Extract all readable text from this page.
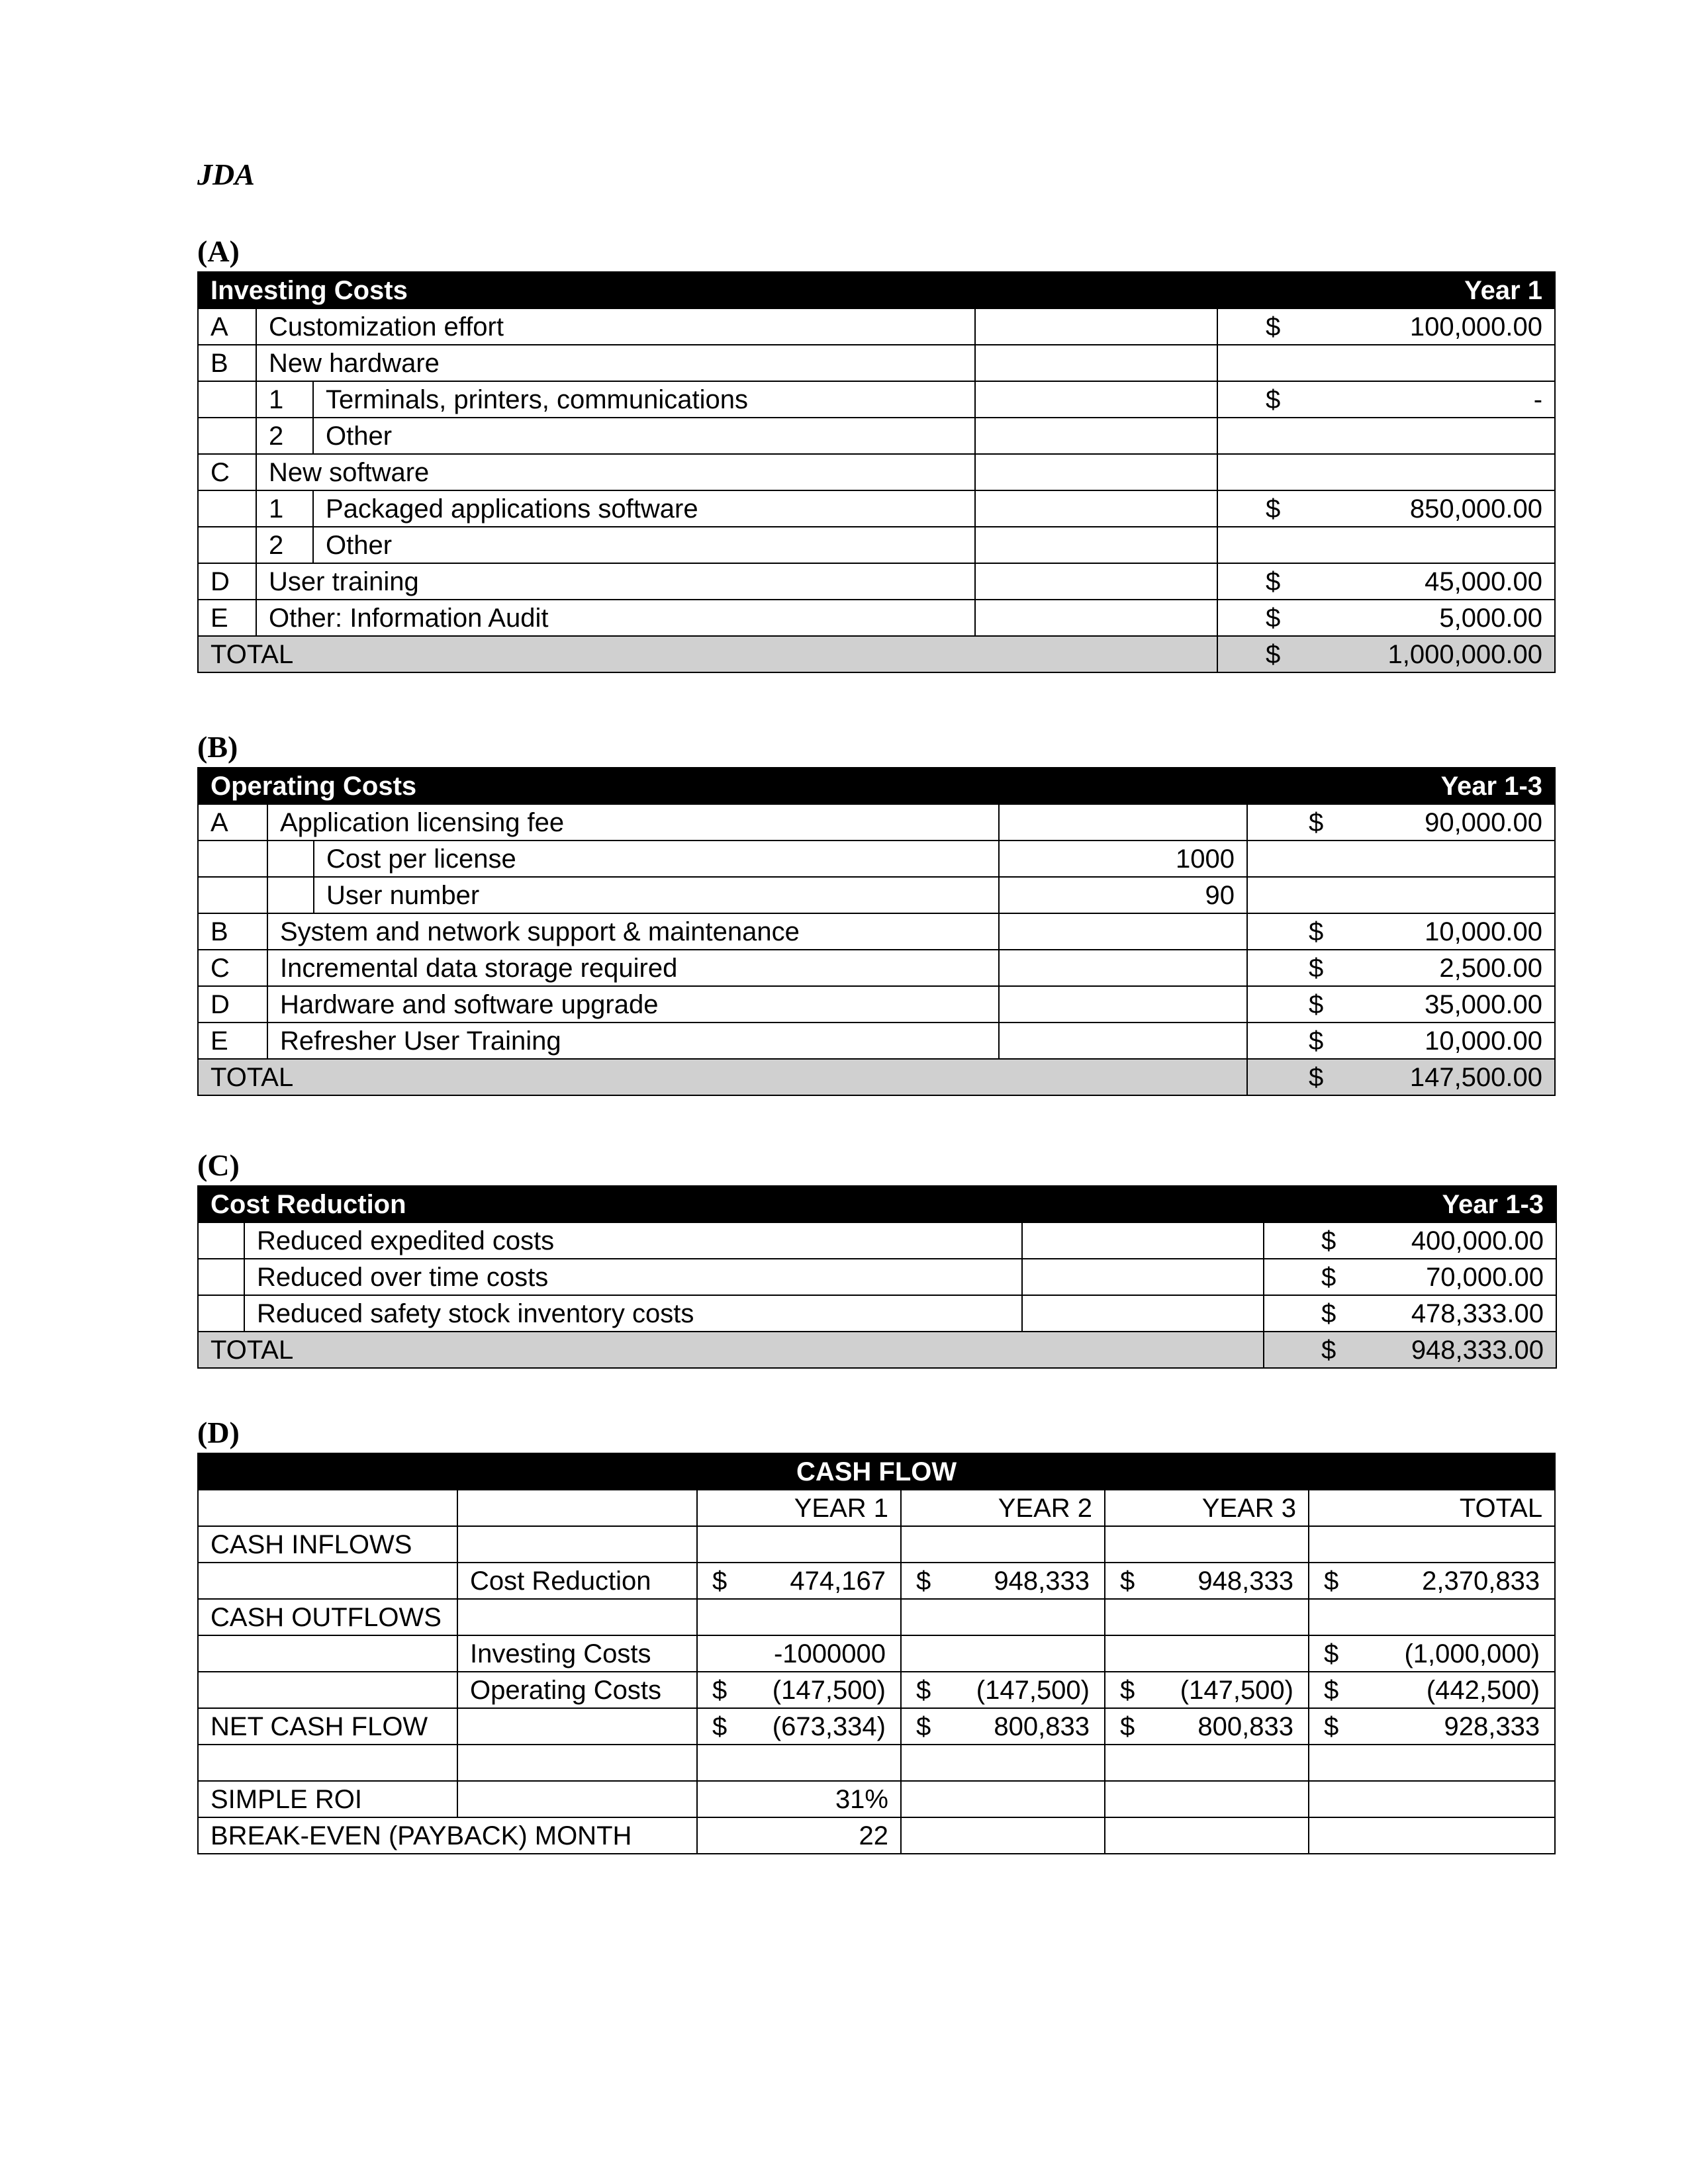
JDA
(A)
Investing Costs				Year 1
A	Customization effort			$ 100,000.00

B	New hardware			
	1	Terminals, printers, communications		$ -

	2	Other		
C	New software			
	1	Packaged applications software		$ 850,000.00

	2	Other		
D	User training			$ 45,000.00

E	Other: Information Audit			$ 5,000.00

TOTAL				$ 1,000,000.00
(B)
Operating Costs				Year 1-3
A	Application licensing fee			$ 90,000.00

		Cost per license	1000	
		User number	90	
B	System and network support & maintenance			$ 10,000.00

C	Incremental data storage required			$ 2,500.00

D	Hardware and software upgrade			$ 35,000.00

E	Refresher User Training			$ 10,000.00

TOTAL				$ 147,500.00
(C)
Cost Reduction			Year 1-3
	Reduced expedited costs		$ 400,000.00

	Reduced over time costs		$ 70,000.00

	Reduced safety stock inventory costs		$ 478,333.00

TOTAL			$ 948,333.00
(D)
CASH FLOW					
		YEAR 1	YEAR 2	YEAR 3	TOTAL
CASH INFLOWS					
	Cost Reduction	$ 474,167	$ 948,333	$ 948,333	$ 2,370,833

CASH OUTFLOWS					
	Investing Costs	-1000000			$ (1,000,000)

	Operating Costs	$ (147,500)	$ (147,500)	$ (147,500)	$ (442,500)

NET CASH FLOW		$ (673,334)	$ 800,833	$ 800,833	$ 928,333

SIMPLE ROI		31%			
BREAK-EVEN (PAYBACK) MONTH		22			
